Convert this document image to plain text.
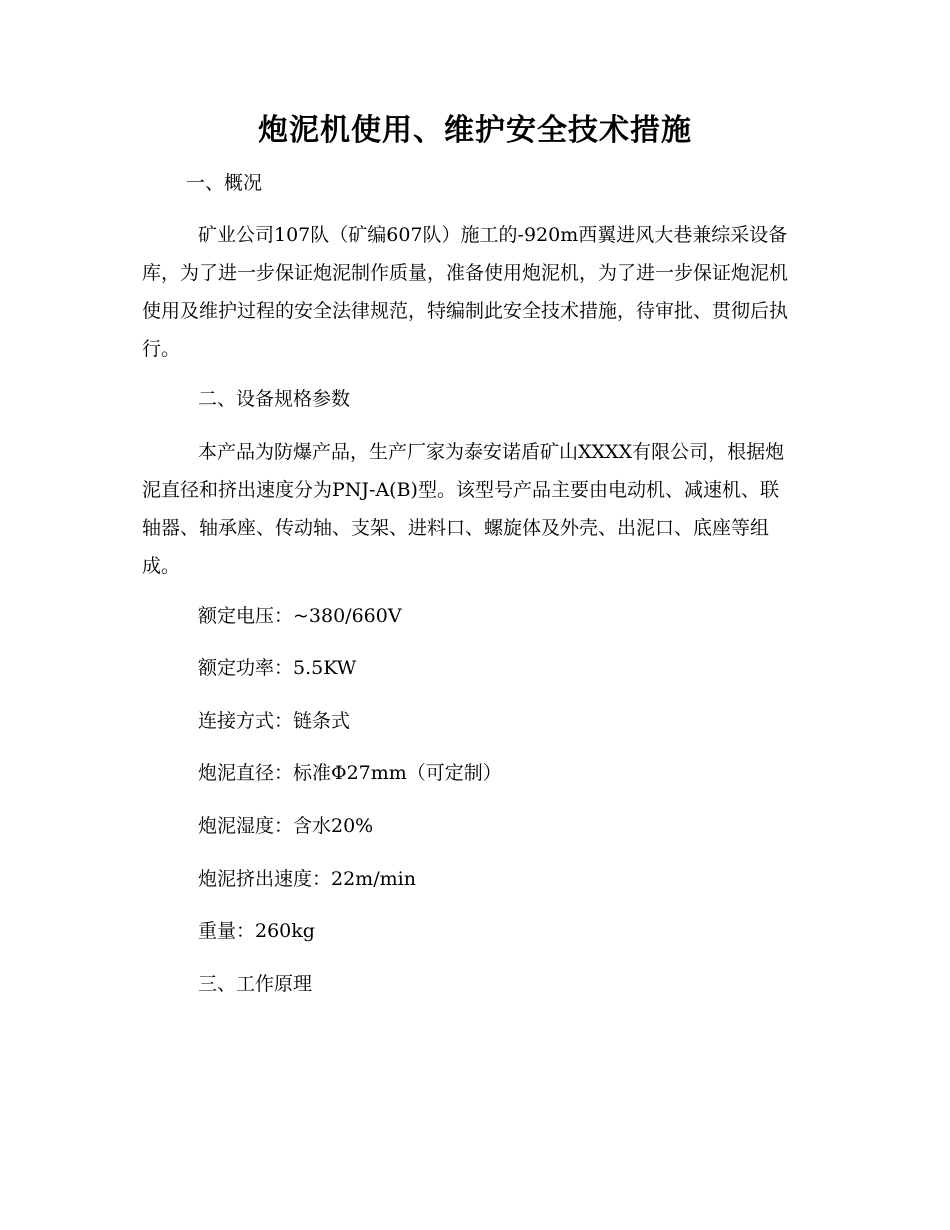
炮泥机使用、维护安全技术措施

一、概况

矿业公司107队（矿编607队）施工的-920m西翼进风大巷兼综采设备库，为了进一步保证炮泥制作质量，准备使用炮泥机，为了进一步保证炮泥机使用及维护过程的安全法律规范，特编制此安全技术措施，待审批、贯彻后执行。

二、设备规格参数

本产品为防爆产品，生产厂家为泰安诺盾矿山XXXX有限公司，根据炮泥直径和挤出速度分为PNJ-A(B)型。该型号产品主要由电动机、减速机、联轴器、轴承座、传动轴、支架、进料口、螺旋体及外壳、出泥口、底座等组成。

额定电压：~380/660V

额定功率：5.5KW

连接方式：链条式

炮泥直径：标准Φ27mm（可定制）

炮泥湿度：含水20%

炮泥挤出速度：22m/min

重量：260kg

三、工作原理
